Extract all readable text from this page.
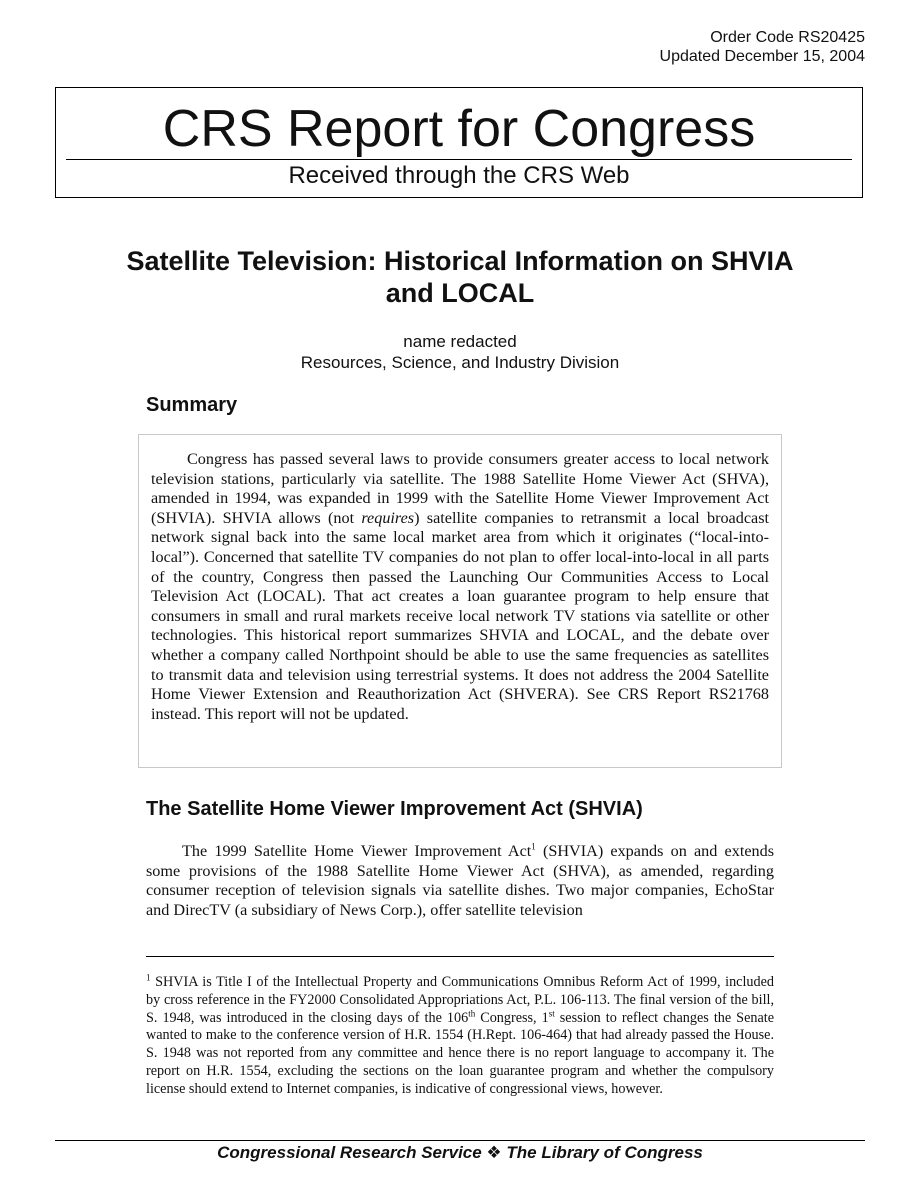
Order Code RS20425
Updated December 15, 2004
CRS Report for Congress
Received through the CRS Web
Satellite Television: Historical Information on SHVIA and LOCAL
name redacted
Resources, Science, and Industry Division
Summary

Congress has passed several laws to provide consumers greater access to local network television stations, particularly via satellite. The 1988 Satellite Home Viewer Act (SHVA), amended in 1994, was expanded in 1999 with the Satellite Home Viewer Improvement Act (SHVIA). SHVIA allows (not requires) satellite companies to retransmit a local broadcast network signal back into the same local market area from which it originates (“local-into-local”). Concerned that satellite TV companies do not plan to offer local-into-local in all parts of the country, Congress then passed the Launching Our Communities Access to Local Television Act (LOCAL). That act creates a loan guarantee program to help ensure that consumers in small and rural markets receive local network TV stations via satellite or other technologies. This historical report summarizes SHVIA and LOCAL, and the debate over whether a company called Northpoint should be able to use the same frequencies as satellites to transmit data and television using terrestrial systems. It does not address the 2004 Satellite Home Viewer Extension and Reauthorization Act (SHVERA). See CRS Report RS21768 instead. This report will not be updated.

The Satellite Home Viewer Improvement Act (SHVIA)

The 1999 Satellite Home Viewer Improvement Act$^1$ (SHVIA) expands on and extends some provisions of the 1988 Satellite Home Viewer Act (SHVA), as amended, regarding consumer reception of television signals via satellite dishes. Two major companies, EchoStar and DirecTV (a subsidiary of News Corp.), offer satellite television

$^1$ SHVIA is Title I of the Intellectual Property and Communications Omnibus Reform Act of 1999, included by cross reference in the FY2000 Consolidated Appropriations Act, P.L. 106-113. The final version of the bill, S. 1948, was introduced in the closing days of the 106th Congress, 1st session to reflect changes the Senate wanted to make to the conference version of H.R. 1554 (H.Rept. 106-464) that had already passed the House. S. 1948 was not reported from any committee and hence there is no report language to accompany it. The report on H.R. 1554, excluding the sections on the loan guarantee program and whether the compulsory license should extend to Internet companies, is indicative of congressional views, however.

Congressional Research Service ❖ The Library of Congress
